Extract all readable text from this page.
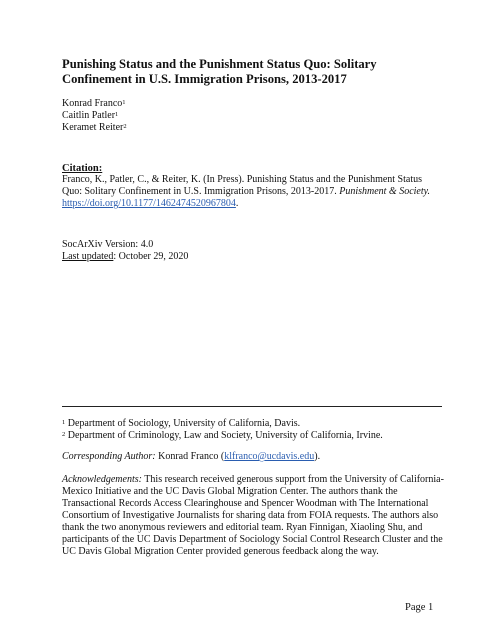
Punishing Status and the Punishment Status Quo: Solitary Confinement in U.S. Immigration Prisons, 2013-2017
Konrad Franco$^1$
Caitlin Patler$^1$
Keramet Reiter$^2$
Citation:
Franco, K., Patler, C., & Reiter, K. (In Press). Punishing Status and the Punishment Status Quo: Solitary Confinement in U.S. Immigration Prisons, 2013-2017. Punishment & Society.
https://doi.org/10.1177/1462474520967804.
SocArXiv Version: 4.0
Last updated: October 29, 2020
$^1$ Department of Sociology, University of California, Davis.
$^2$ Department of Criminology, Law and Society, University of California, Irvine.
Corresponding Author: Konrad Franco (klfranco@ucdavis.edu).
Acknowledgements: This research received generous support from the University of California-Mexico Initiative and the UC Davis Global Migration Center. The authors thank the Transactional Records Access Clearinghouse and Spencer Woodman with The International Consortium of Investigative Journalists for sharing data from FOIA requests. The authors also thank the two anonymous reviewers and editorial team. Ryan Finnigan, Xiaoling Shu, and participants of the UC Davis Department of Sociology Social Control Research Cluster and the UC Davis Global Migration Center provided generous feedback along the way.
Page 1
